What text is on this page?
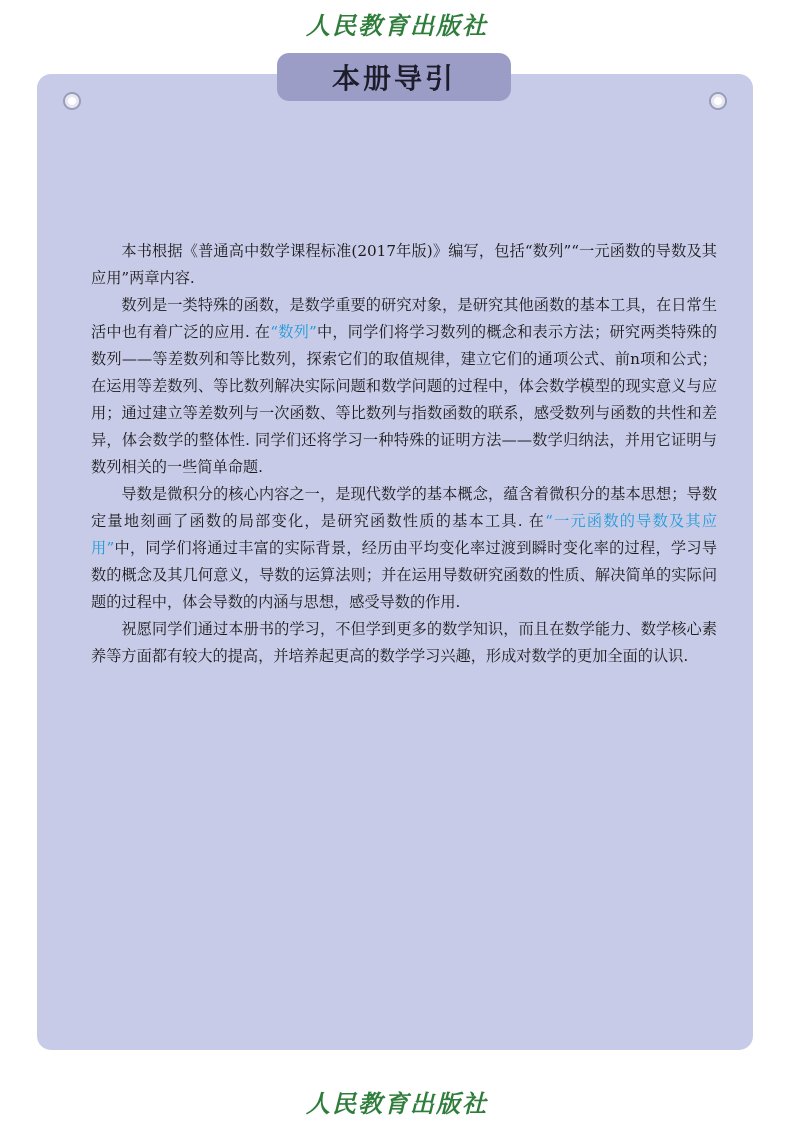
人民教育出版社
本册导引

本书根据《普通高中数学课程标准(2017年版)》编写，包括“数列”“一元函数的导数及其应用”两章内容.

数列是一类特殊的函数，是数学重要的研究对象，是研究其他函数的基本工具，在日常生活中也有着广泛的应用. 在“数列”中，同学们将学习数列的概念和表示方法；研究两类特殊的数列——等差数列和等比数列，探索它们的取值规律，建立它们的通项公式、前n项和公式；在运用等差数列、等比数列解决实际问题和数学问题的过程中，体会数学模型的现实意义与应用；通过建立等差数列与一次函数、等比数列与指数函数的联系，感受数列与函数的共性和差异，体会数学的整体性. 同学们还将学习一种特殊的证明方法——数学归纳法，并用它证明与数列相关的一些简单命题.

导数是微积分的核心内容之一，是现代数学的基本概念，蕴含着微积分的基本思想；导数定量地刻画了函数的局部变化，是研究函数性质的基本工具. 在“一元函数的导数及其应用”中，同学们将通过丰富的实际背景，经历由平均变化率过渡到瞬时变化率的过程，学习导数的概念及其几何意义，导数的运算法则；并在运用导数研究函数的性质、解决简单的实际问题的过程中，体会导数的内涵与思想，感受导数的作用.

祝愿同学们通过本册书的学习，不但学到更多的数学知识，而且在数学能力、数学核心素养等方面都有较大的提高，并培养起更高的数学学习兴趣，形成对数学的更加全面的认识.

人民教育出版社
